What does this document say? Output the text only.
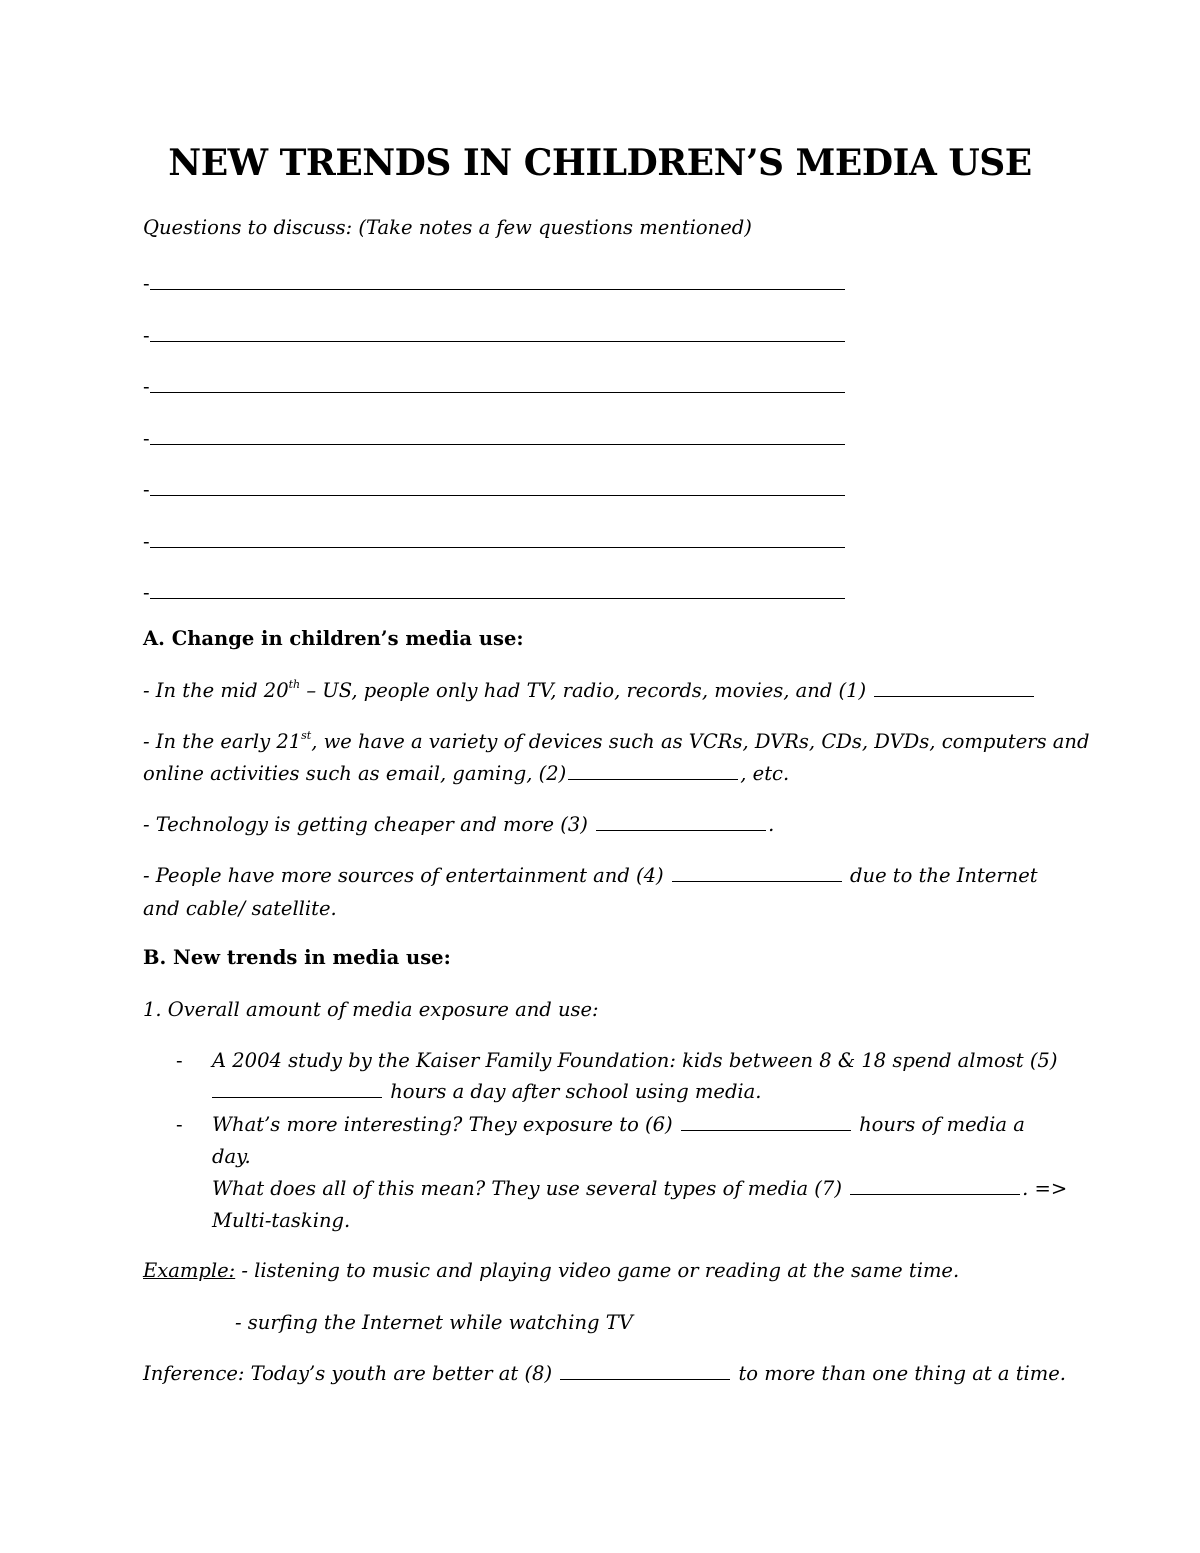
NEW TRENDS IN CHILDREN’S MEDIA USE
Questions to discuss: (Take notes a few questions mentioned)
-
-
-
-
-
-
-
A. Change in children’s media use:
- In the mid 20th – US, people only had TV, radio, records, movies, and (1)
- In the early 21st, we have a variety of devices such as VCRs, DVRs, CDs, DVDs, computers and
online activities such as email, gaming, (2)	, etc.
- Technology is getting cheaper and more (3)	.
- People have more sources of entertainment and (4)	due to the Internet
and cable/ satellite.
B. New trends in media use:
1. Overall amount of media exposure and use:
- A 2004 study by the Kaiser Family Foundation: kids between 8 & 18 spend almost (5)
hours a day after school using media.
- What’s more interesting? They exposure to (6)	hours of media a
day.
What does all of this mean? They use several types of media (7)	. =>
Multi-tasking.
Example: - listening to music and playing video game or reading at the same time.
- surfing the Internet while watching TV
Inference: Today’s youth are better at (8)	to more than one thing at a time.
